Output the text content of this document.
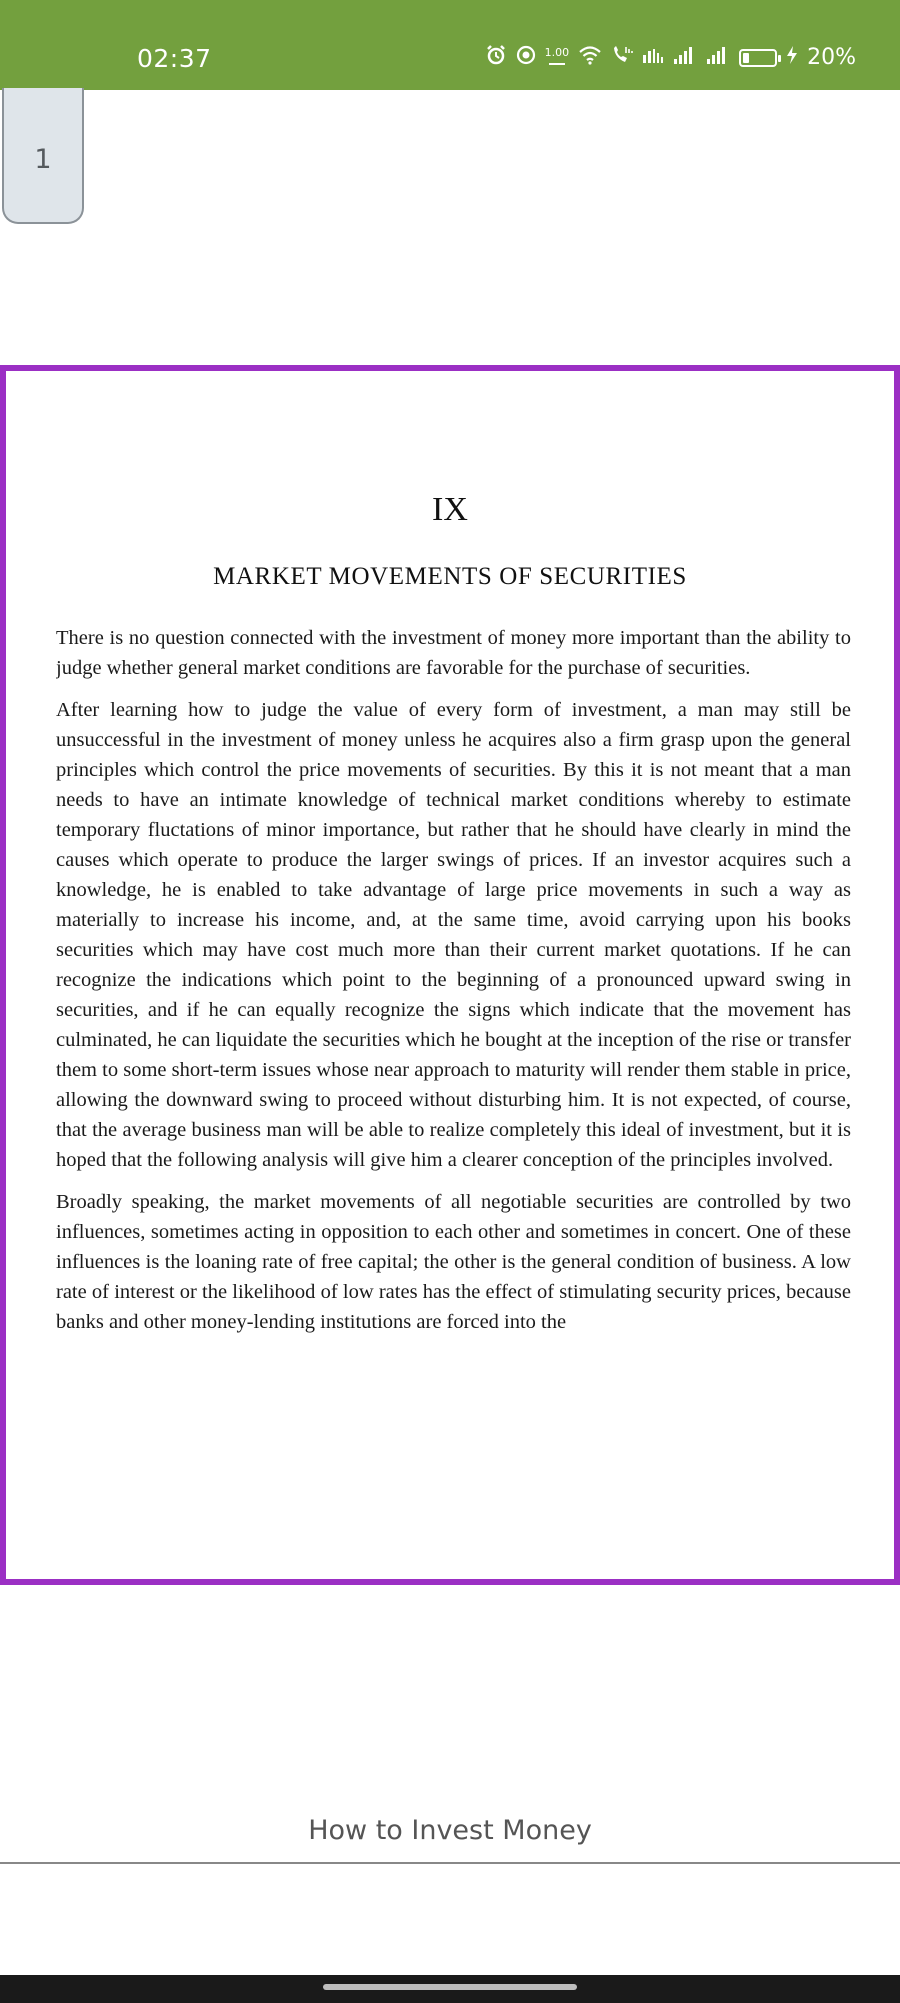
02:37	1.00	20%
1
IX
MARKET MOVEMENTS OF SECURITIES

There is no question connected with the investment of money more important than the ability to judge whether general market conditions are favorable for the purchase of securities.

After learning how to judge the value of every form of investment, a man may still be unsuccessful in the investment of money unless he acquires also a firm grasp upon the general principles which control the price movements of securities. By this it is not meant that a man needs to have an intimate knowledge of technical market conditions whereby to estimate temporary fluctations of minor importance, but rather that he should have clearly in mind the causes which operate to produce the larger swings of prices. If an investor acquires such a knowledge, he is enabled to take advantage of large price movements in such a way as materially to increase his income, and, at the same time, avoid carrying upon his books securities which may have cost much more than their current market quotations. If he can recognize the indications which point to the beginning of a pronounced upward swing in securities, and if he can equally recognize the signs which indicate that the movement has culminated, he can liquidate the securities which he bought at the inception of the rise or transfer them to some short-term issues whose near approach to maturity will render them stable in price, allowing the downward swing to proceed without disturbing him. It is not expected, of course, that the average business man will be able to realize completely this ideal of investment, but it is hoped that the following analysis will give him a clearer conception of the principles involved.

Broadly speaking, the market movements of all negotiable securities are controlled by two influences, sometimes acting in opposition to each other and sometimes in concert. One of these influences is the loaning rate of free capital; the other is the general condition of business. A low rate of interest or the likelihood of low rates has the effect of stimulating security prices, because banks and other money-lending institutions are forced into the

How to Invest Money
